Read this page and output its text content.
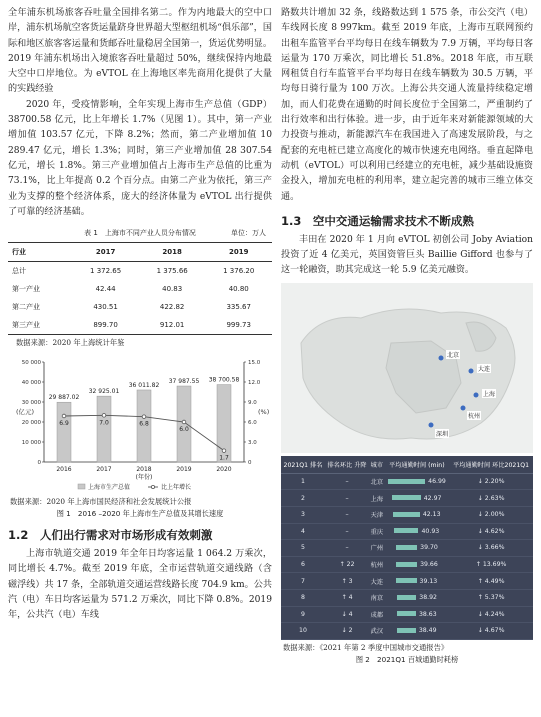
全年浦东机场旅客吞吐量全国排名第二。作为内地最大的空中口岸，浦东机场航空客货运量跻身世界超大型枢纽机场“俱乐部”，国际和地区旅客客运量和货邮吞吐量稳居全国第一，货运优势明显。2019 年浦东机场出入境旅客吞吐量超过 50%，继续保持内地最大空中口岸地位。为 eVTOL 在上海地区率先商用化提供了大量的实践经验

2020 年，受疫情影响，全年实现上海市生产总值（GDP）38700.58 亿元，比上年增长 1.7%（见图 1）。其中，第一产业增加值 103.57 亿元，下降 8.2%；然而，第二产业增加值 10 289.47 亿元，增长 1.3%；同时，第三产业增加值 28 307.54 亿元，增长 1.8%。第三产业增加值占上海市生产总值的比重为 73.1%，比上年提高 0.2 个百分点。由第二产业为依托，第三产业为支撑的整个经济体系，庞大的经济体量为 eVTOL 出行提供了可靠的经济基础。

表 1　上海市不同产业人员分布情况	单位：万人
行业	2017	2018	2019
总计	1 372.65	1 375.66	1 376.20
第一产业	42.44	40.83	40.80
第二产业	430.51	422.82	335.67
第三产业	899.70	912.01	999.73
数据来源：2020 年上海统计年鉴
0
10 000
20 000
30 000
40 000
50 000
0
3.0
6.0
9.0
12.0
15.0
(亿元)	(%)
29 887.02
2016
32 925.01
2017
36 011.82
2018
37 987.55
2019
38 700.58
2020
6.9	7.0	6.8
6.0
1.7
(年份)
上海市生产总值	比上年增长
数据来源：2020 年上海市国民经济和社会发展统计公报
图 1　2016 –2020 年上海市生产总值及其增长速度
1.2　人们出行需求对市场形成有效刺激

上海市轨道交通 2019 年全年日均客运量 1 064.2 万乘次，同比增长 4.7%。截至 2019 年底，全市运营轨道交通线路（含磁浮线）共 17 条，全部轨道交通运营线路长度 704.9 km。公共汽（电）车日均客运量为 571.2 万乘次，同比下降 0.8%。2019 年，公共汽（电）车线

路数共计增加 32 条，线路数达到 1 575 条，市公交汽（电）车线网长度 8 997km。截至 2019 年底，上海市互联网预约出租车监管平台平均每日在线车辆数为 7.9 万辆，平均每日客运量为 170 万乘次，同比增长 51.8%。2018 年底，市互联网租赁自行车监管平台平均每日在线车辆数为 30.5 万辆，平均每日骑行量为 100 万次。上海公共交通人流量持续稳定增加，而人们花费在通勤的时间长度位于全国第二，严重制约了出行效率和出行体验。进一步，由于近年来对新能源领域的大力投资与推动，新能源汽车在我国进入了高速发展阶段，与之配套的充电桩已建立高度化的城市快速充电网络。垂直起降电动机（eVTOL）可以利用已经建立的充电桩，减少基础设施资金投入，增加充电桩的利用率，建立起完善的城市三维立体交通。

1.3　空中交通运输需求技术不断成熟

丰田在 2020 年 1 月向 eVTOL 初创公司 Joby Aviation 投资了近 4 亿美元，英国资管巨头 Baillie Gifford 也参与了这一轮融资，助其完成这一轮 5.9 亿美元融资。

北京
大连
上海
杭州
深圳
2021Q1 排名	排名环比 升降	城市	平均通勤时间 (min)	平均通勤时间 环比2021Q1
1	–	北京	46.99	↓ 2.20%
2	–	上海	42.97	↓ 2.63%
3	–	天津	42.13	↓ 2.00%
4	–	重庆	40.93	↓ 4.62%
5	–	广州	39.70	↓ 3.66%
6	↑ 22	杭州	39.66	↑ 13.69%
7	↑ 3	大连	39.13	↑ 4.49%
8	↑ 4	南京	38.92	↑ 5.37%
9	↓ 4	成都	38.63	↓ 4.24%
10	↓ 2	武汉	38.49	↓ 4.67%
数据来源：《2021 年第 2 季度中国城市交通报告》
图 2　2021Q1 百城通勤时耗榜
